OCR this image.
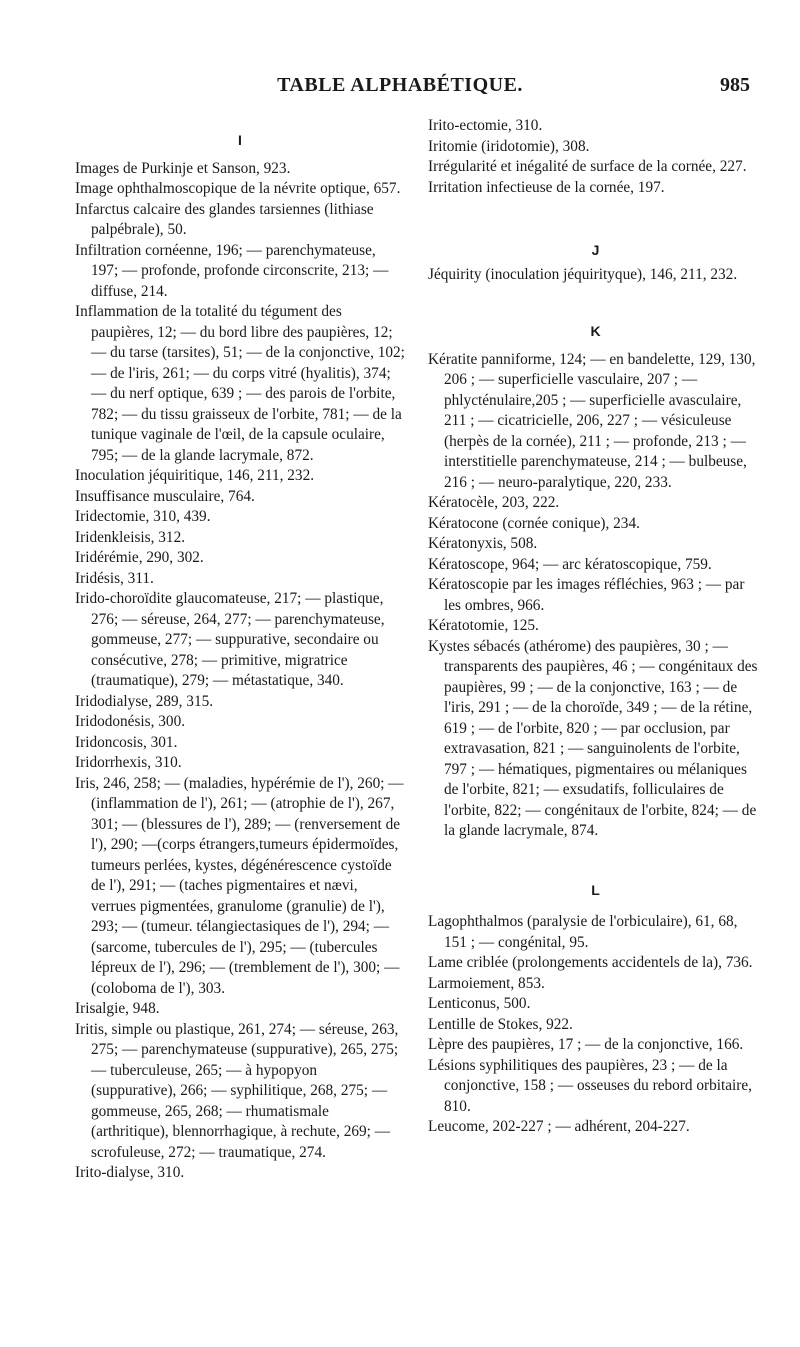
TABLE ALPHABÉTIQUE.	985

I

Images de Purkinje et Sanson, 923.

Image ophthalmoscopique de la névrite optique, 657.

Infarctus calcaire des glandes tarsiennes (lithiase palpébrale), 50.

Infiltration cornéenne, 196; — parenchymateuse, 197; — profonde, profonde circonscrite, 213; — diffuse, 214.

Inflammation de la totalité du tégument des paupières, 12; — du bord libre des paupières, 12; — du tarse (tarsites), 51; — de la conjonctive, 102; — de l'iris, 261; — du corps vitré (hyalitis), 374; — du nerf optique, 639 ; — des parois de l'orbite, 782; — du tissu graisseux de l'orbite, 781; — de la tunique vaginale de l'œil, de la capsule oculaire, 795; — de la glande lacrymale, 872.

Inoculation jéquiritique, 146, 211, 232.

Insuffisance musculaire, 764.

Iridectomie, 310, 439.

Iridenkleisis, 312.

Iridérémie, 290, 302.

Iridésis, 311.

Irido-choroïdite glaucomateuse, 217; — plastique, 276; — séreuse, 264, 277; — parenchymateuse, gommeuse, 277; — suppurative, secondaire ou consécutive, 278; — primitive, migratrice (traumatique), 279; — métastatique, 340.

Iridodialyse, 289, 315.

Iridodonésis, 300.

Iridoncosis, 301.

Iridorrhexis, 310.

Iris, 246, 258; — (maladies, hypérémie de l'), 260; — (inflammation de l'), 261; — (atrophie de l'), 267, 301; — (blessures de l'), 289; — (renversement de l'), 290; —(corps étrangers,tumeurs épidermoïdes, tumeurs perlées, kystes, dégénérescence cystoïde de l'), 291; — (taches pigmentaires et nævi, verrues pigmentées, granulome (granulie) de l'), 293; — (tumeur. télangiectasiques de l'), 294; — (sarcome, tubercules de l'), 295; — (tubercules lépreux de l'), 296; — (tremblement de l'), 300; — (coloboma de l'), 303.

Irisalgie, 948.

Iritis, simple ou plastique, 261, 274; — séreuse, 263, 275; — parenchymateuse (suppurative), 265, 275; — tuberculeuse, 265; — à hypopyon (suppurative), 266; — syphilitique, 268, 275; — gommeuse, 265, 268; — rhumatismale (arthritique), blennorrhagique, à rechute, 269; — scrofuleuse, 272; — traumatique, 274.

Irito-dialyse, 310.

Irito-ectomie, 310.

Iritomie (iridotomie), 308.

Irrégularité et inégalité de surface de la cornée, 227.

Irritation infectieuse de la cornée, 197.

J

Jéquirity (inoculation jéquirityque), 146, 211, 232.

K

Kératite panniforme, 124; — en bandelette, 129, 130, 206 ; — superficielle vasculaire, 207 ; — phlycténulaire,205 ; — superficielle avasculaire, 211 ; — cicatricielle, 206, 227 ; — vésiculeuse (herpès de la cornée), 211 ; — profonde, 213 ; — interstitielle parenchymateuse, 214 ; — bulbeuse, 216 ; — neuro-paralytique, 220, 233.

Kératocèle, 203, 222.

Kératocone (cornée conique), 234.

Kératonyxis, 508.

Kératoscope, 964; — arc kératoscopique, 759.

Kératoscopie par les images réfléchies, 963 ; — par les ombres, 966.

Kératotomie, 125.

Kystes sébacés (athérome) des paupières, 30 ; — transparents des paupières, 46 ; — congénitaux des paupières, 99 ; — de la conjonctive, 163 ; — de l'iris, 291 ; — de la choroïde, 349 ; — de la rétine, 619 ; — de l'orbite, 820 ; — par occlusion, par extravasation, 821 ; — sanguinolents de l'orbite, 797 ; — hématiques, pigmentaires ou mélaniques de l'orbite, 821; — exsudatifs, folliculaires de l'orbite, 822; — congénitaux de l'orbite, 824; — de la glande lacrymale, 874.

L

Lagophthalmos (paralysie de l'orbiculaire), 61, 68, 151 ; — congénital, 95.

Lame criblée (prolongements accidentels de la), 736.

Larmoiement, 853.

Lenticonus, 500.

Lentille de Stokes, 922.

Lèpre des paupières, 17 ; — de la conjonctive, 166.

Lésions syphilitiques des paupières, 23 ; — de la conjonctive, 158 ; — osseuses du rebord orbitaire, 810.

Leucome, 202-227 ; — adhérent, 204-227.
